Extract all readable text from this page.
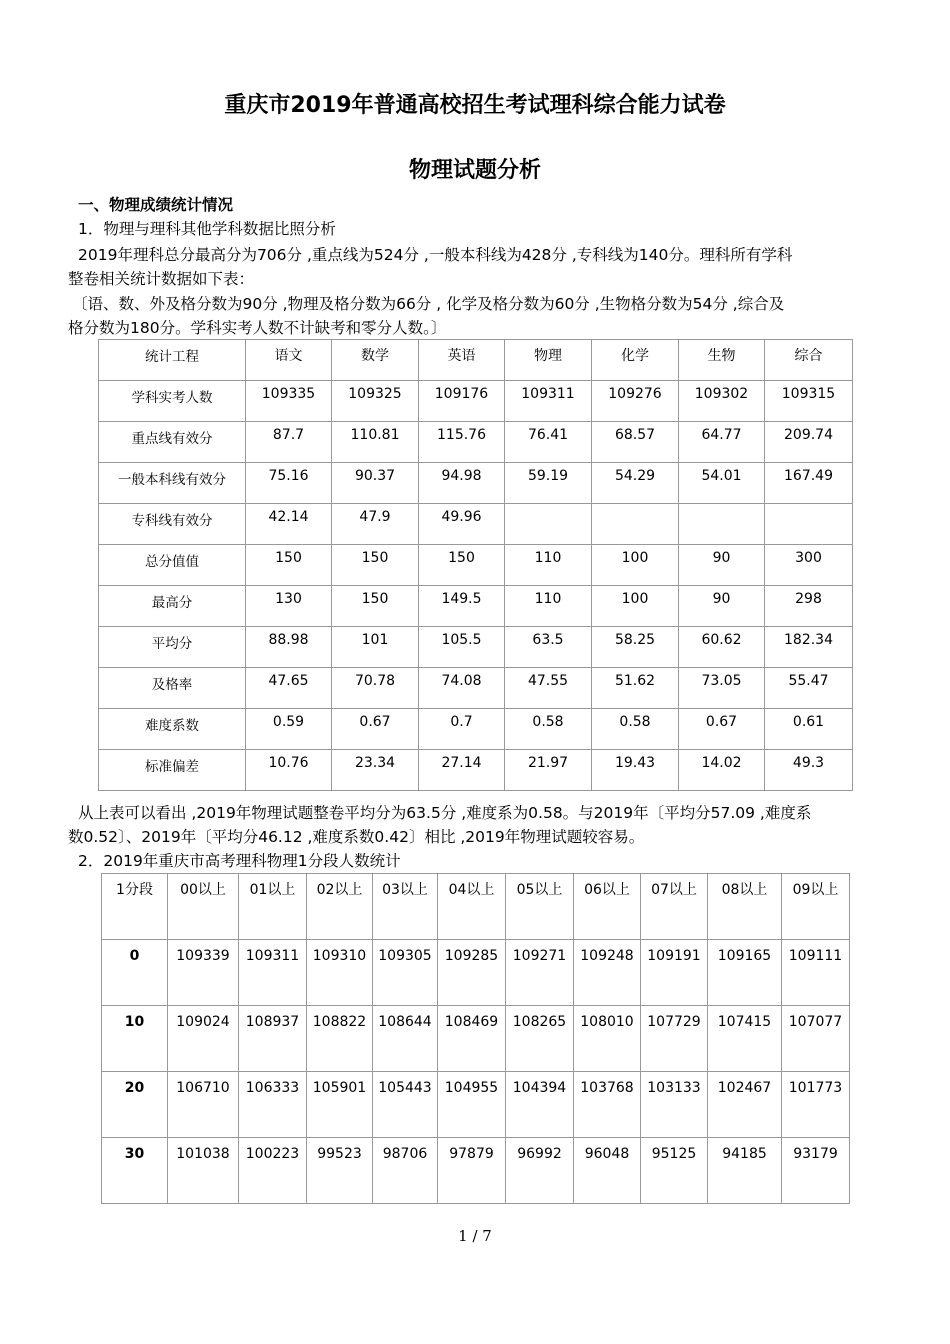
重庆市2019年普通高校招生考试理科综合能力试卷
物理试题分析
一、物理成绩统计情况
1．物理与理科其他学科数据比照分析
2019年理科总分最高分为706分 ,重点线为524分 ,一般本科线为428分 ,专科线为140分。理科所有学科
整卷相关统计数据如下表：
〔语、数、外及格分数为90分 ,物理及格分数为66分 , 化学及格分数为60分 ,生物格分数为54分 ,综合及
格分数为180分。学科实考人数不计缺考和零分人数。〕
统计工程	语文	数学	英语	物理	化学	生物	综合
学科实考人数	109335	109325	109176	109311	109276	109302	109315
重点线有效分	87.7	110.81	115.76	76.41	68.57	64.77	209.74
一般本科线有效分	75.16	90.37	94.98	59.19	54.29	54.01	167.49
专科线有效分	42.14	47.9	49.96				
总分值值	150	150	150	110	100	90	300
最高分	130	150	149.5	110	100	90	298
平均分	88.98	101	105.5	63.5	58.25	60.62	182.34
及格率	47.65	70.78	74.08	47.55	51.62	73.05	55.47
难度系数	0.59	0.67	0.7	0.58	0.58	0.67	0.61
标准偏差	10.76	23.34	27.14	21.97	19.43	14.02	49.3
从上表可以看出 ,2019年物理试题整卷平均分为63.5分 ,难度系为0.58。与2019年〔平均分57.09 ,难度系
数0.52〕、2019年〔平均分46.12 ,难度系数0.42〕相比 ,2019年物理试题较容易。
2．2019年重庆市高考理科物理1分段人数统计
1分段	00以上	01以上	02以上	03以上	04以上	05以上	06以上	07以上	08以上	09以上
0	109339	109311	109310	109305	109285	109271	109248	109191	109165	109111
10	109024	108937	108822	108644	108469	108265	108010	107729	107415	107077
20	106710	106333	105901	105443	104955	104394	103768	103133	102467	101773
30	101038	100223	99523	98706	97879	96992	96048	95125	94185	93179
1 / 7
